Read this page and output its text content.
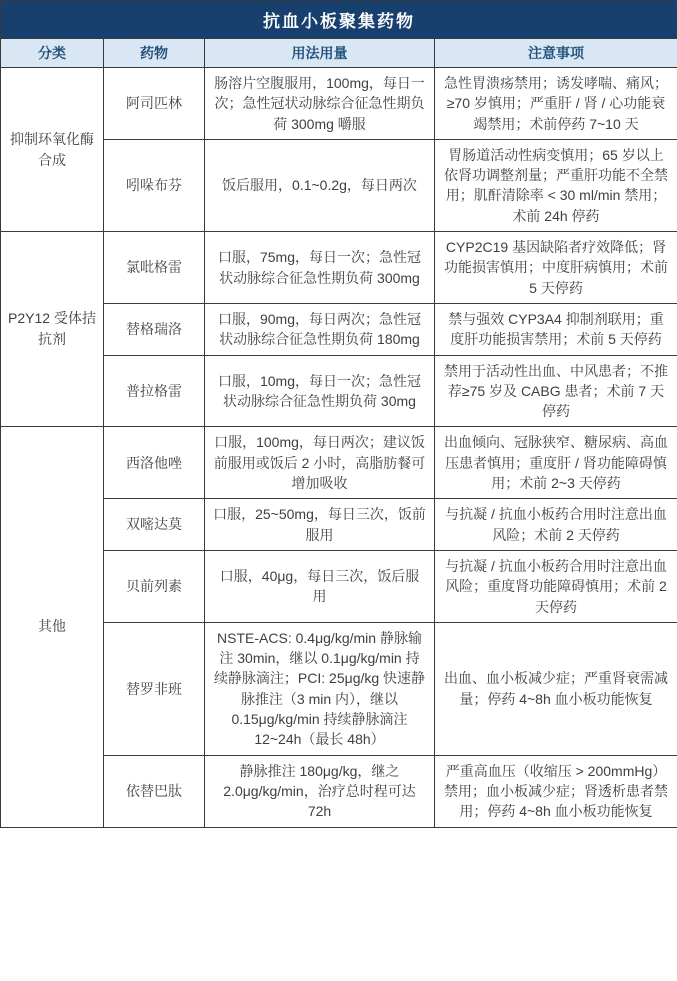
抗血小板聚集药物			
分类	药物	用法用量	注意事项
抑制环氧化酶合成	阿司匹林	肠溶片空腹服用，100mg，每日一次；急性冠状动脉综合征急性期负荷 300mg 嚼服	急性胃溃疡禁用；诱发哮喘、痛风；≥70 岁慎用；严重肝 / 肾 / 心功能衰竭禁用；术前停药 7~10 天
	吲哚布芬	饭后服用，0.1~0.2g，每日两次	胃肠道活动性病变慎用；65 岁以上依肾功调整剂量；严重肝功能不全禁用；肌酐清除率 < 30 ml/min 禁用；术前 24h 停药
P2Y12 受体拮抗剂	氯吡格雷	口服，75mg，每日一次；急性冠状动脉综合征急性期负荷 300mg	CYP2C19 基因缺陷者疗效降低；肾功能损害慎用；中度肝病慎用；术前 5 天停药
	替格瑞洛	口服，90mg，每日两次；急性冠状动脉综合征急性期负荷 180mg	禁与强效 CYP3A4 抑制剂联用；重度肝功能损害禁用；术前 5 天停药
	普拉格雷	口服，10mg，每日一次；急性冠状动脉综合征急性期负荷 30mg	禁用于活动性出血、中风患者；不推荐≥75 岁及 CABG 患者；术前 7 天停药
其他	西洛他唑	口服，100mg，每日两次；建议饭前服用或饭后 2 小时，高脂肪餐可增加吸收	出血倾向、冠脉狭窄、糖尿病、高血压患者慎用；重度肝 / 肾功能障碍慎用；术前 2~3 天停药
	双嘧达莫	口服，25~50mg，每日三次，饭前服用	与抗凝 / 抗血小板药合用时注意出血风险；术前 2 天停药
	贝前列素	口服，40μg，每日三次，饭后服用	与抗凝 / 抗血小板药合用时注意出血风险；重度肾功能障碍慎用；术前 2 天停药
	替罗非班	NSTE-ACS: 0.4μg/kg/min 静脉输注 30min，继以 0.1μg/kg/min 持续静脉滴注；PCI: 25μg/kg 快速静脉推注（3 min 内），继以 0.15μg/kg/min 持续静脉滴注 12~24h（最长 48h）	出血、血小板减少症；严重肾衰需减量；停药 4~8h 血小板功能恢复
	依替巴肽	静脉推注 180μg/kg，继之 2.0μg/kg/min，治疗总时程可达 72h	严重高血压（收缩压 > 200mmHg）禁用；血小板减少症；肾透析患者禁用；停药 4~8h 血小板功能恢复
